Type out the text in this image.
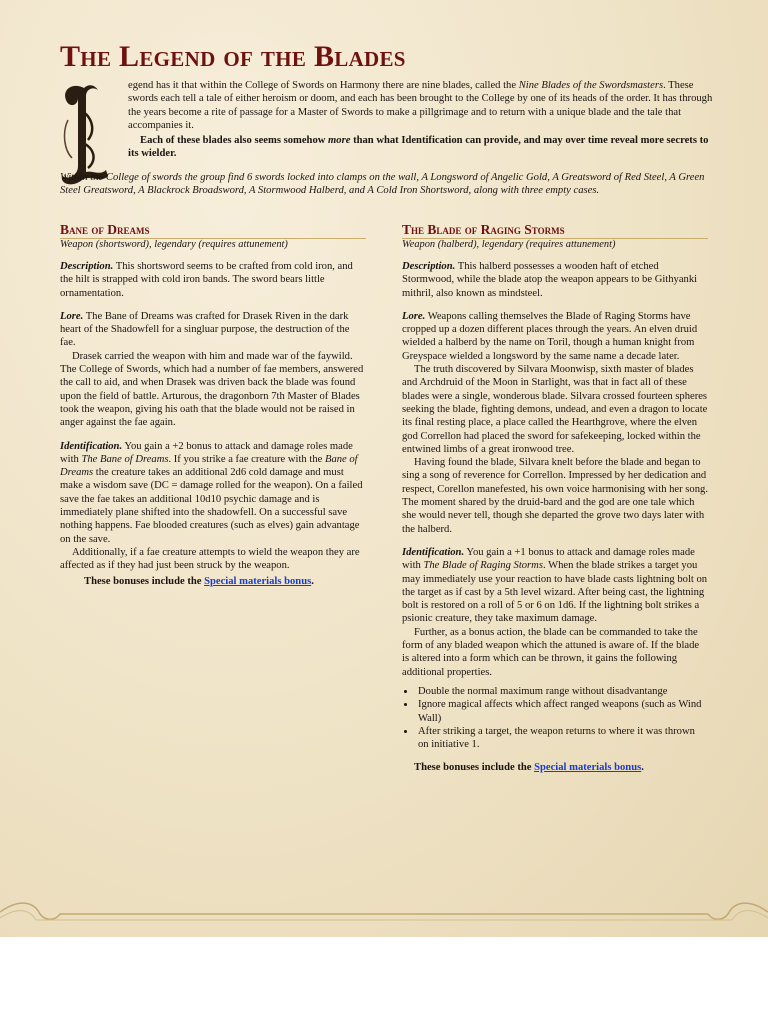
The Legend of the Blades

egend has it that within the College of Swords on Harmony there are nine blades, called the Nine Blades of the Swordsmasters. These swords each tell a tale of either heroism or doom, and each has been brought to the College by one of its heads of the order. It has through the years become a rite of passage for a Master of Swords to make a pillgrimage and to return with a unique blade and the tale that accompanies it.

Each of these blades also seems somehow more than what Identification can provide, and may over time reveal more secrets to its wielder.

Within the College of swords the group find 6 swords locked into clamps on the wall, A Longsword of Angelic Gold, A Greatsword of Red Steel, A Green Steel Greatsword, A Blackrock Broadsword, A Stormwood Halberd, and A Cold Iron Shortsword, along with three empty cases.

Bane of Dreams
Weapon (shortsword), legendary (requires attunement)

Description. This shortsword seems to be crafted from cold iron, and the hilt is strapped with cold iron bands. The sword bears little ornamentation.

Lore. The Bane of Dreams was crafted for Drasek Riven in the dark heart of the Shadowfell for a singluar purpose, the destruction of the fae.

Drasek carried the weapon with him and made war of the faywild. The College of Swords, which had a number of fae members, answered the call to aid, and when Drasek was driven back the blade was found upon the field of battle. Arturous, the dragonborn 7th Master of Blades took the weapon, giving his oath that the blade would not be raised in anger against the fae again.

Identification. You gain a +2 bonus to attack and damage roles made with The Bane of Dreams. If you strike a fae creature with the Bane of Dreams the creature takes an additional 2d6 cold damage and must make a wisdom save (DC = damage rolled for the weapon). On a failed save the fae takes an additional 10d10 psychic damage and is immediately plane shifted into the shadowfell. On a successful save nothing happens. Fae blooded creatures (such as elves) gain advantage on the save.

Additionally, if a fae creature attempts to wield the weapon they are affected as if they had just been struck by the weapon.

These bonuses include the Special materials bonus.

The Blade of Raging Storms
Weapon (halberd), legendary (requires attunement)

Description. This halberd possesses a wooden haft of etched Stormwood, while the blade atop the weapon appears to be Githyanki mithril, also known as mindsteel.

Lore. Weapons calling themselves the Blade of Raging Storms have cropped up a dozen different places through the years. An elven druid wielded a halberd by the name on Toril, though a human knight from Greyspace wielded a longsword by the same name a decade later.

The truth discovered by Silvara Moonwisp, sixth master of blades and Archdruid of the Moon in Starlight, was that in fact all of these blades were a single, wonderous blade. Silvara crossed fourteen spheres seeking the blade, fighting demons, undead, and even a dragon to locate its final resting place, a place called the Hearthgrove, where the elven god Correllon had placed the sword for safekeeping, locked within the entwined limbs of a great ironwood tree.

Having found the blade, Silvara knelt before the blade and began to sing a song of reverence for Correllon. Impressed by her dedication and respect, Corellon manefested, his own voice harmonising with her song. The moment shared by the druid-bard and the god are one tale which she would never tell, though she departed the grove two days later with the halberd.

Identification. You gain a +1 bonus to attack and damage roles made with The Blade of Raging Storms. When the blade strikes a target you may immediately use your reaction to have blade casts lightning bolt on the target as if cast by a 5th level wizard. After being cast, the lightning bolt is restored on a roll of 5 or 6 on 1d6. If the lightning bolt strikes a psionic creature, they take maximum damage.

Further, as a bonus action, the blade can be commanded to take the form of any bladed weapon which the attuned is aware of. If the blade is altered into a form which can be thrown, it gains the following additional properties.

• Double the normal maximum range without disadvantange
• Ignore magical affects which affect ranged weapons (such as Wind Wall)
• After striking a target, the weapon returns to where it was thrown on initiative 1.

These bonuses include the Special materials bonus.
